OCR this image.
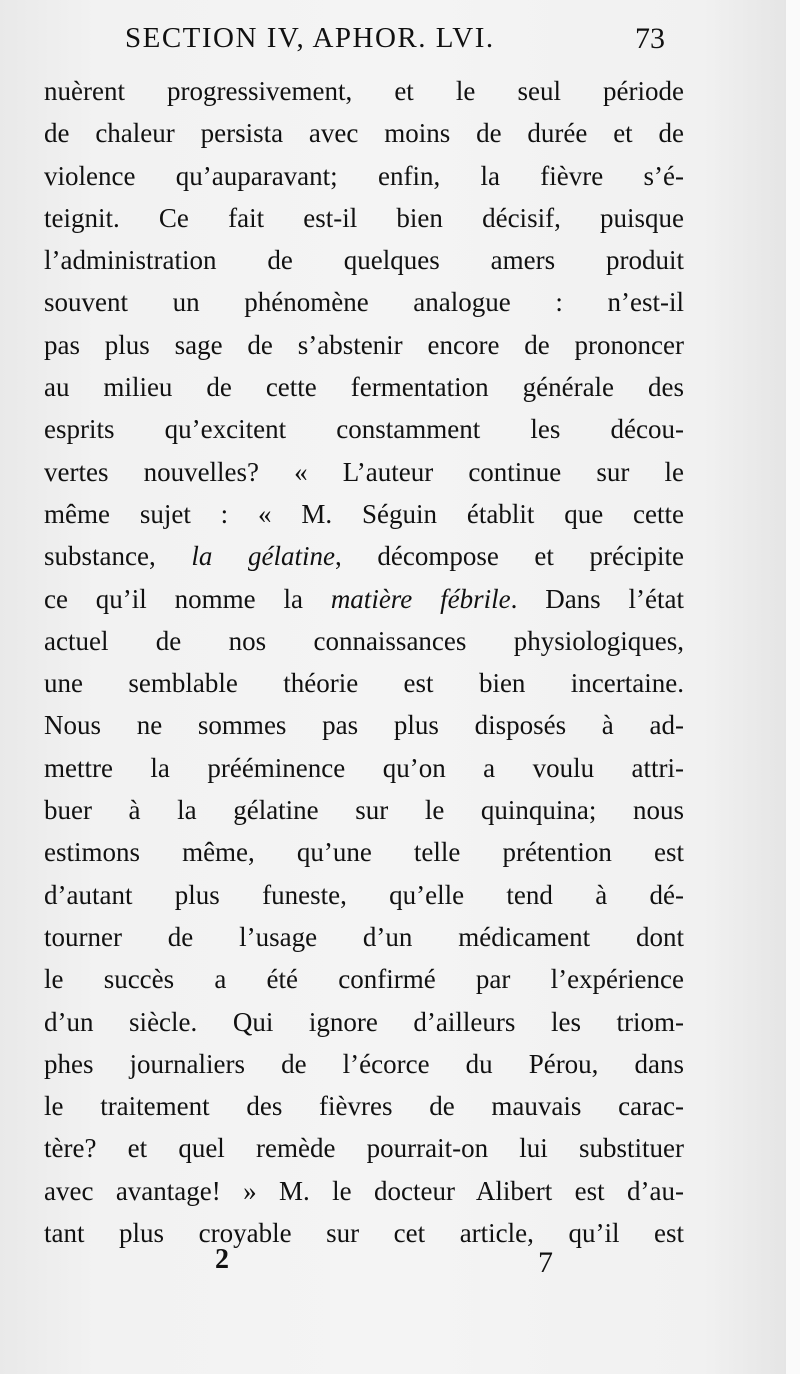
SECTION IV, APHOR. LVI.	73
nuèrent progressivement, et le seul période
de chaleur persista avec moins de durée et de
violence qu’auparavant; enfin, la fièvre s’é-
teignit. Ce fait est-il bien décisif, puisque
l’administration de quelques amers produit
souvent un phénomène analogue : n’est-il
pas plus sage de s’abstenir encore de prononcer
au milieu de cette fermentation générale des
esprits qu’excitent constamment les décou-
vertes nouvelles? « L’auteur continue sur le
même sujet : « M. Séguin établit que cette
substance, la gélatine, décompose et précipite
ce qu’il nomme la matière fébrile. Dans l’état
actuel de nos connaissances physiologiques,
une semblable théorie est bien incertaine.
Nous ne sommes pas plus disposés à ad-
mettre la prééminence qu’on a voulu attri-
buer à la gélatine sur le quinquina; nous
estimons même, qu’une telle prétention est
d’autant plus funeste, qu’elle tend à dé-
tourner de l’usage d’un médicament dont
le succès a été confirmé par l’expérience
d’un siècle. Qui ignore d’ailleurs les triom-
phes journaliers de l’écorce du Pérou, dans
le traitement des fièvres de mauvais carac-
tère? et quel remède pourrait-on lui substituer
avec avantage! » M. le docteur Alibert est d’au-
tant plus croyable sur cet article, qu’il est
2	7
